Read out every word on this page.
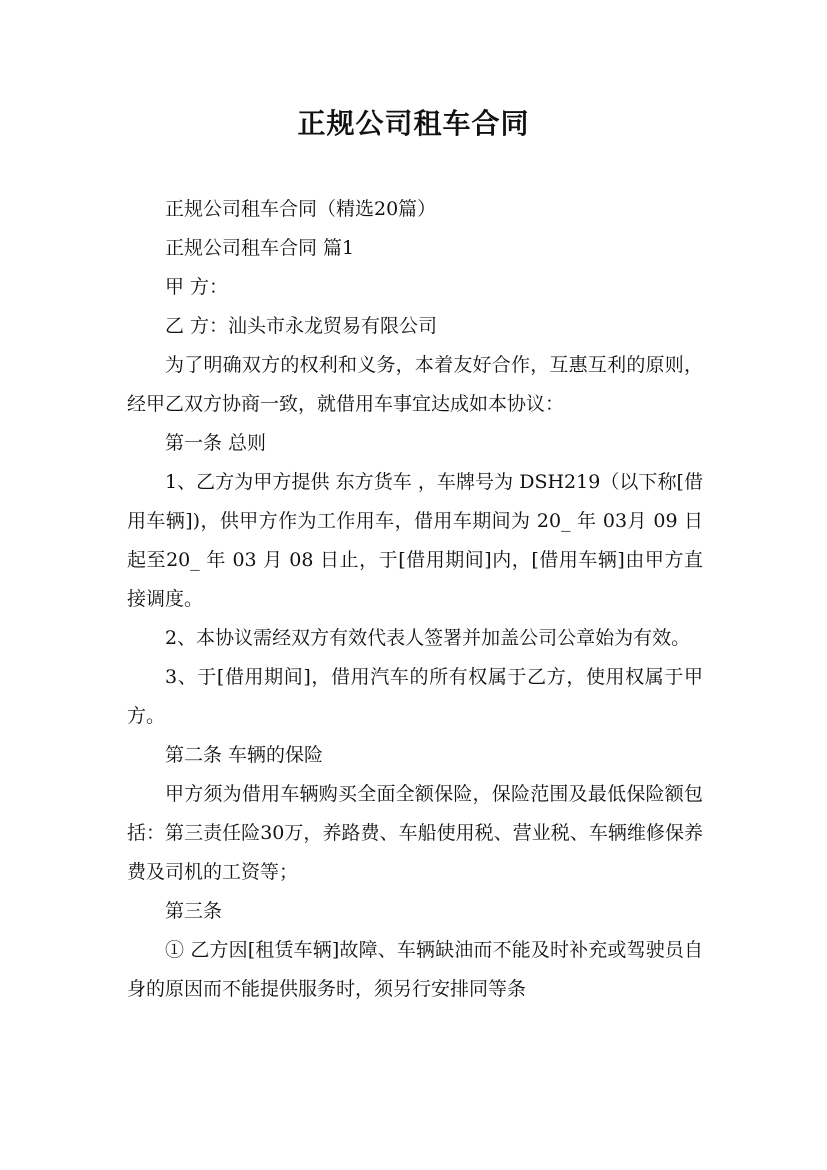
正规公司租车合同

正规公司租车合同（精选20篇）

正规公司租车合同 篇1

甲 方：

乙 方：汕头市永龙贸易有限公司

为了明确双方的权利和义务，本着友好合作，互惠互利的原则，经甲乙双方协商一致，就借用车事宜达成如本协议：

第一条 总则

1、乙方为甲方提供 东方货车 ，车牌号为 DSH219（以下称[借用车辆])，供甲方作为工作用车，借用车期间为 20_ 年 03月 09 日起至20_ 年 03 月 08 日止，于[借用期间]内，[借用车辆]由甲方直接调度。

2、本协议需经双方有效代表人签署并加盖公司公章始为有效。

3、于[借用期间]，借用汽车的所有权属于乙方，使用权属于甲方。

第二条 车辆的保险

甲方须为借用车辆购买全面全额保险，保险范围及最低保险额包括：第三责任险30万，养路费、车船使用税、营业税、车辆维修保养费及司机的工资等；

第三条

① 乙方因[租赁车辆]故障、车辆缺油而不能及时补充或驾驶员自身的原因而不能提供服务时，须另行安排同等条
